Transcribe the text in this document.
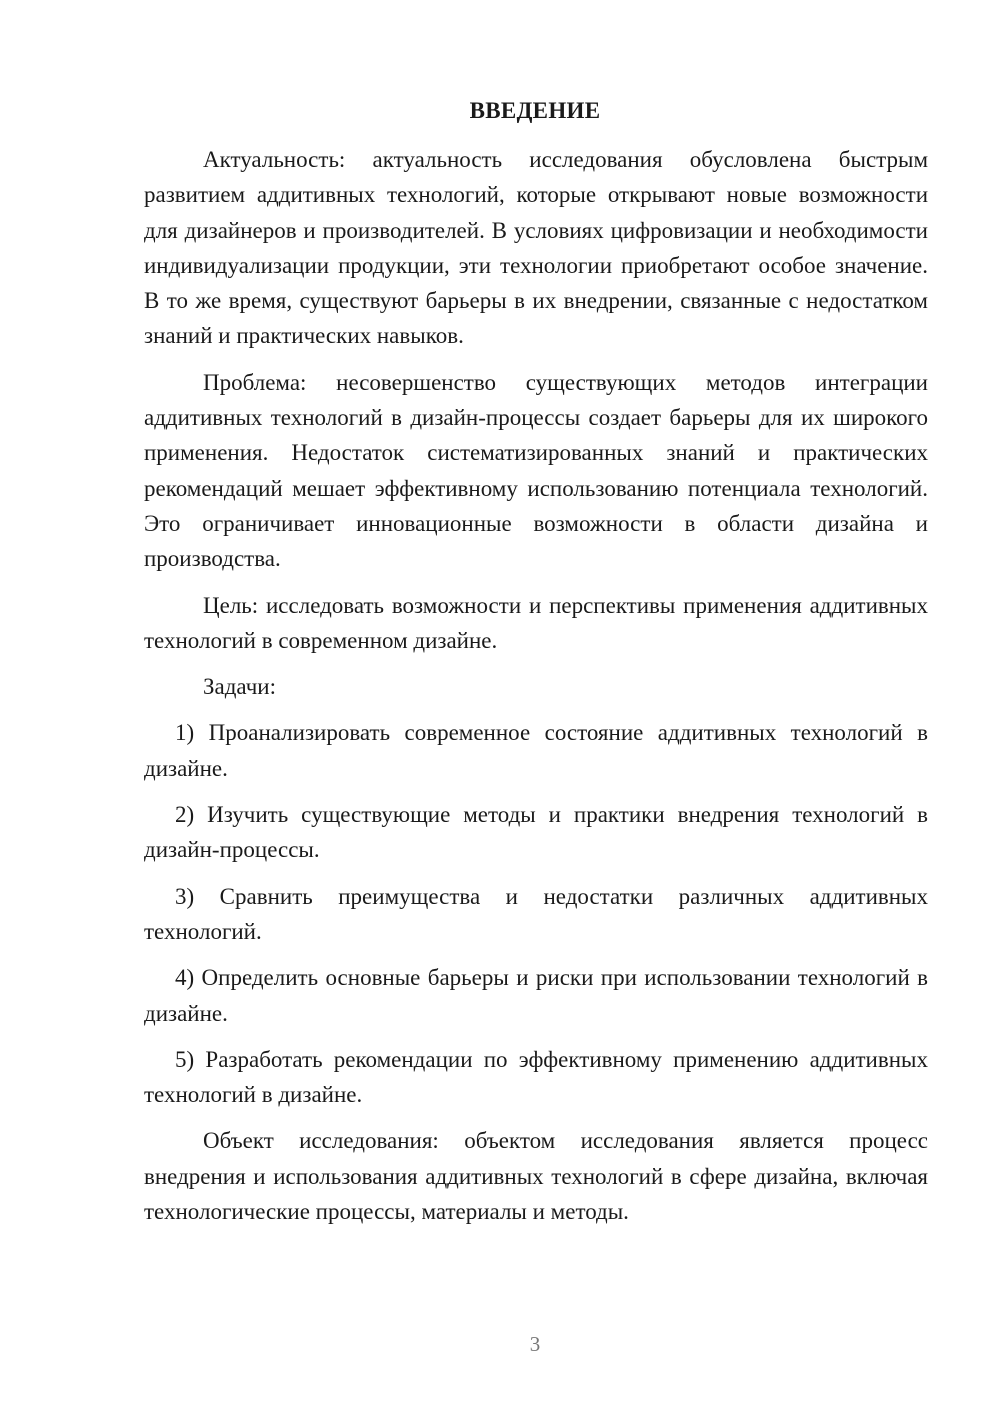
ВВЕДЕНИЕ

Актуальность: актуальность исследования обусловлена быстрым развитием аддитивных технологий, которые открывают новые возможности для дизайнеров и производителей. В условиях цифровизации и необходимости индивидуализации продукции, эти технологии приобретают особое значение. В то же время, существуют барьеры в их внедрении, связанные с недостатком знаний и практических навыков.

Проблема: несовершенство существующих методов интеграции аддитивных технологий в дизайн-процессы создает барьеры для их широкого применения. Недостаток систематизированных знаний и практических рекомендаций мешает эффективному использованию потенциала технологий. Это ограничивает инновационные возможности в области дизайна и производства.

Цель: исследовать возможности и перспективы применения аддитивных технологий в современном дизайне.

Задачи:

1) Проанализировать современное состояние аддитивных технологий в дизайне.

2) Изучить существующие методы и практики внедрения технологий в дизайн-процессы.

3) Сравнить преимущества и недостатки различных аддитивных технологий.

4) Определить основные барьеры и риски при использовании технологий в дизайне.

5) Разработать рекомендации по эффективному применению аддитивных технологий в дизайне.

Объект исследования: объектом исследования является процесс внедрения и использования аддитивных технологий в сфере дизайна, включая технологические процессы, материалы и методы.

3
